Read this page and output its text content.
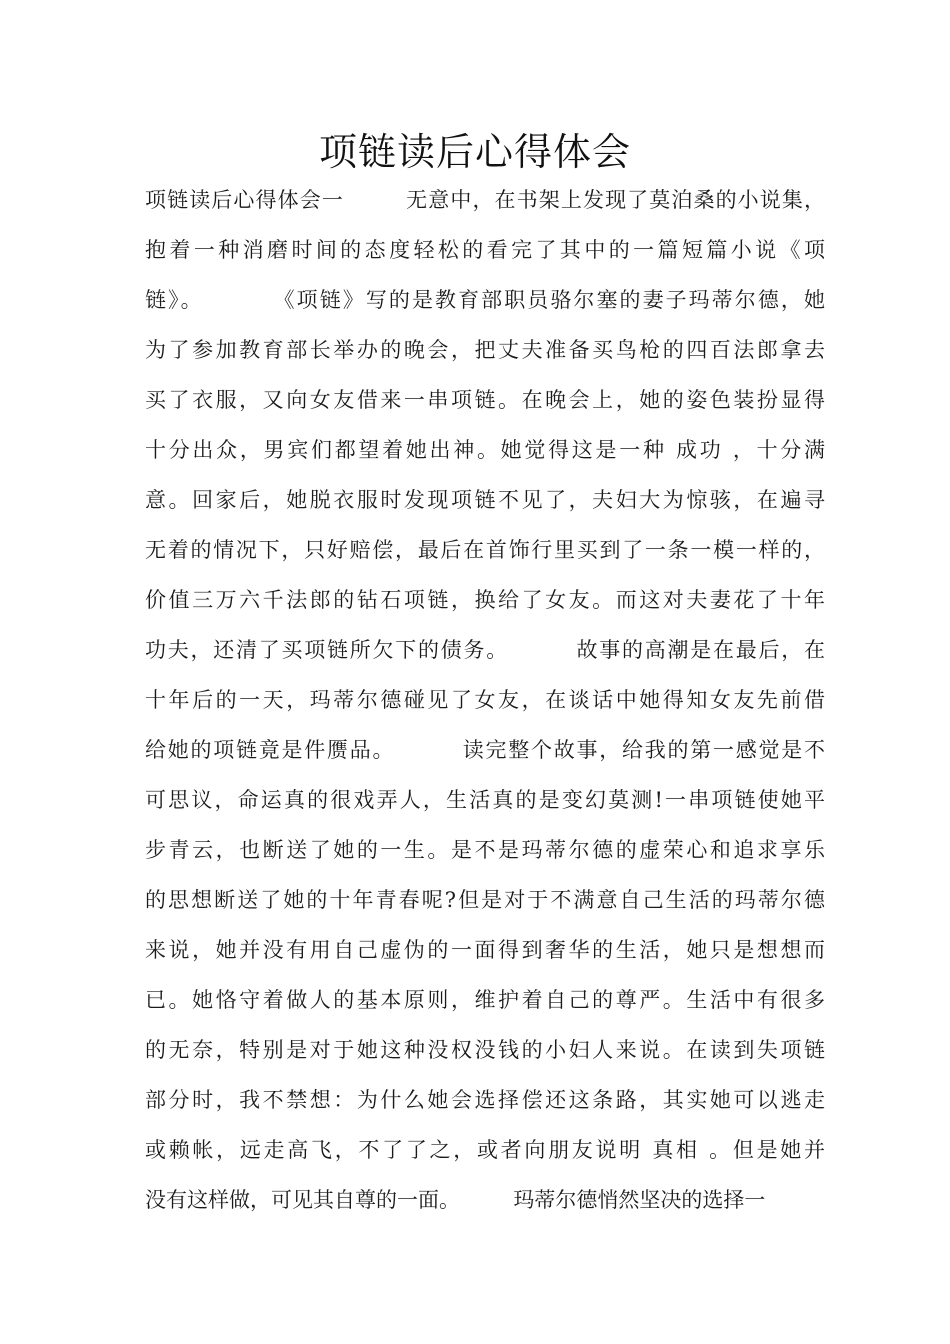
项链读后心得体会
项链读后心得体会一        无意中，在书架上发现了莫泊桑的小说集，
抱着一种消磨时间的态度轻松的看完了其中的一篇短篇小说《项
链》。        《项链》写的是教育部职员骆尔塞的妻子玛蒂尔德，她
为了参加教育部长举办的晚会，把丈夫准备买鸟枪的四百法郎拿去
买了衣服，又向女友借来一串项链。在晚会上，她的姿色装扮显得
十分出众，男宾们都望着她出神。她觉得这是一种 成功 ，十分满
意。回家后，她脱衣服时发现项链不见了，夫妇大为惊骇，在遍寻
无着的情况下，只好赔偿，最后在首饰行里买到了一条一模一样的，
价值三万六千法郎的钻石项链，换给了女友。而这对夫妻花了十年
功夫，还清了买项链所欠下的债务。        故事的高潮是在最后，在
十年后的一天，玛蒂尔德碰见了女友，在谈话中她得知女友先前借
给她的项链竟是件赝品。        读完整个故事，给我的第一感觉是不
可思议，命运真的很戏弄人，生活真的是变幻莫测!一串项链使她平
步青云，也断送了她的一生。是不是玛蒂尔德的虚荣心和追求享乐
的思想断送了她的十年青春呢?但是对于不满意自己生活的玛蒂尔德
来说，她并没有用自己虚伪的一面得到奢华的生活，她只是想想而
已。她恪守着做人的基本原则，维护着自己的尊严。生活中有很多
的无奈，特别是对于她这种没权没钱的小妇人来说。在读到失项链
部分时，我不禁想：为什么她会选择偿还这条路，其实她可以逃走
或赖帐，远走高飞，不了了之，或者向朋友说明 真相 。但是她并
没有这样做，可见其自尊的一面。        玛蒂尔德悄然坚决的选择一
